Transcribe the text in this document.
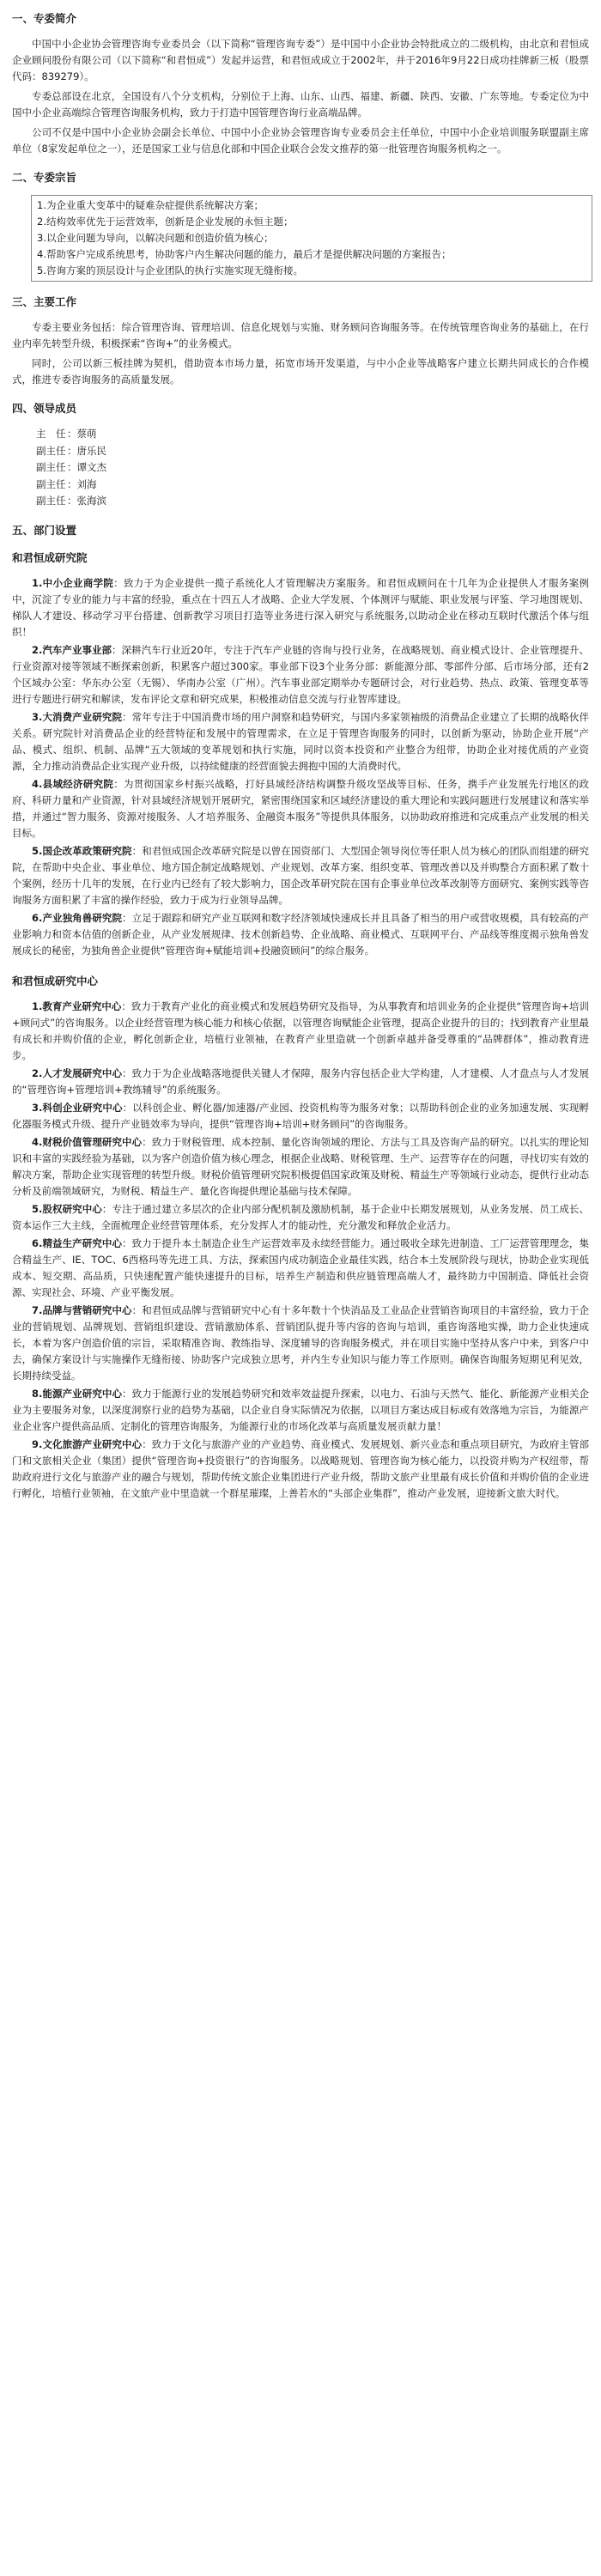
一、专委简介

中国中小企业协会管理咨询专业委员会（以下简称“管理咨询专委”）是中国中小企业协会特批成立的二级机构，由北京和君恒成企业顾问股份有限公司（以下简称“和君恒成”）发起并运营，和君恒成成立于2002年，并于2016年9月22日成功挂牌新三板（股票代码：839279）。

专委总部设在北京，全国设有八个分支机构，分别位于上海、山东、山西、福建、新疆、陕西、安徽、广东等地。专委定位为中国中小企业高端综合管理咨询服务机构，致力于打造中国管理咨询行业高端品牌。

公司不仅是中国中小企业协会副会长单位、中国中小企业协会管理咨询专业委员会主任单位，中国中小企业培训服务联盟副主席单位（8家发起单位之一），还是国家工业与信息化部和中国企业联合会发文推荐的第一批管理咨询服务机构之一。

二、专委宗旨

1.为企业重大变革中的疑难杂症提供系统解决方案；

2.结构效率优先于运营效率，创新是企业发展的永恒主题；

3.以企业问题为导向，以解决问题和创造价值为核心；

4.帮助客户完成系统思考，协助客户内生解决问题的能力，最后才是提供解决问题的方案报告；

5.咨询方案的顶层设计与企业团队的执行实施实现无缝衔接。

三、主要工作

专委主要业务包括：综合管理咨询、管理培训、信息化规划与实施、财务顾问咨询服务等。在传统管理咨询业务的基础上，在行业内率先转型升级，积极探索“咨询+”的业务模式。

同时，公司以新三板挂牌为契机，借助资本市场力量，拓宽市场开发渠道，与中小企业等战略客户建立长期共同成长的合作模式，推进专委咨询服务的高质量发展。

四、领导成员
主　任 ：蔡萌
副主任 ：唐乐民
副主任 ：谭文杰
副主任 ：刘海
副主任 ：张海滨
五、部门设置
和君恒成研究院

1.中小企业商学院：致力于为企业提供一揽子系统化人才管理解决方案服务。和君恒成顾问在十几年为企业提供人才服务案例中，沉淀了专业的能力与丰富的经验，重点在十四五人才战略、企业大学发展、个体测评与赋能、职业发展与评鉴、学习地图规划、梯队人才建设、移动学习平台搭建、创新教学习项目打造等业务进行深入研究与系统服务,以助动企业在移动互联时代激活个体与组织！

2.汽车产业事业部：深耕汽车行业近20年，专注于汽车产业链的咨询与投行业务，在战略规划、商业模式设计、企业管理提升、行业资源对接等领域不断探索创新，积累客户超过300家。事业部下设3个业务分部：新能源分部、零部件分部、后市场分部，还有2个区域办公室：华东办公室（无锡）、华南办公室（广州）。汽车事业部定期举办专题研讨会，对行业趋势、热点、政策、管理变革等进行专题进行研究和解读，发布评论文章和研究成果，积极推动信息交流与行业智库建设。

3.大消费产业研究院：常年专注于中国消费市场的用户洞察和趋势研究，与国内多家领袖级的消费品企业建立了长期的战略伙伴关系。研究院针对消费品企业的经营特征和发展中的管理需求，在立足于管理咨询服务的同时，以创新为驱动，协助企业开展“产品、模式、组织、机制、品牌“五大领域的变革规划和执行实施，同时以资本投资和产业整合为纽带，协助企业对接优质的产业资源，全力推动消费品企业实现产业升级，以持续健康的经营面貌去拥抱中国的大消费时代。

4.县域经济研究院：为贯彻国家乡村振兴战略，打好县域经济结构调整升级攻坚战等目标、任务，携手产业发展先行地区的政府、科研力量和产业资源，针对县域经济规划开展研究，紧密围绕国家和区域经济建设的重大理论和实践问题进行发展建议和落实举措，并通过“智力服务、资源对接服务、人才培养服务、金融资本服务”等提供具体服务，以协助政府推进和完成重点产业发展的相关目标。

5.国企改革政策研究院：和君恒成国企改革研究院是以曾在国资部门、大型国企领导岗位等任职人员为核心的团队而组建的研究院，在帮助中央企业、事业单位、地方国企制定战略规划、产业规划、改革方案、组织变革、管理改善以及并购整合方面积累了数十个案例，经历十几年的发展，在行业内已经有了较大影响力，国企改革研究院在国有企事业单位改革改制等方面研究、案例实践等咨询服务方面积累了丰富的操作经验，致力于成为行业领导品牌。

6.产业独角兽研究院：立足于跟踪和研究产业互联网和数字经济领域快速成长并且具备了相当的用户或营收规模，具有较高的产业影响力和资本估值的创新企业，从产业发展规律、技术创新趋势、企业战略、商业模式、互联网平台、产品线等维度揭示独角兽发展成长的秘密，为独角兽企业提供“管理咨询+赋能培训+投融资顾问”的综合服务。

和君恒成研究中心

1.教育产业研究中心：致力于教育产业化的商业模式和发展趋势研究及指导，为从事教育和培训业务的企业提供“管理咨询+培训+顾问式”的咨询服务。以企业经营管理为核心能力和核心依据，以管理咨询赋能企业管理，提高企业提升的目的；找到教育产业里最有成长和并购价值的企业，孵化创新企业，培植行业领袖，在教育产业里造就一个创新卓越并备受尊重的“品牌群体”，推动教育进步。

2.人才发展研究中心：致力于为企业战略落地提供关键人才保障，服务内容包括企业大学构建，人才建模、人才盘点与人才发展的“管理咨询+管理培训+教练辅导”的系统服务。

3.科创企业研究中心：以科创企业、孵化器/加速器/产业园、投资机构等为服务对象；以帮助科创企业的业务加速发展、实现孵化器服务模式升级、提升产业链效率为导向，提供“管理咨询+培训+财务顾问”的咨询服务。

4.财税价值管理研究中心：致力于财税管理、成本控制、量化咨询领域的理论、方法与工具及咨询产品的研究。以扎实的理论知识和丰富的实践经验为基础，以为客户创造价值为核心理念，根据企业战略、财税管理、生产、运营等存在的问题，寻找切实有效的解决方案，帮助企业实现管理的转型升级。财税价值管理研究院积极提倡国家政策及财税、精益生产等领域行业动态，提供行业动态分析及前端领域研究，为财税、精益生产、量化咨询提供理论基础与技术保障。

5.股权研究中心：专注于通过建立多层次的企业内部分配机制及激励机制，基于企业中长期发展规划，从业务发展、员工成长、资本运作三大主线，全面梳理企业经营管理体系，充分发挥人才的能动性，充分激发和释放企业活力。

6.精益生产研究中心：致力于提升本土制造企业生产运营效率及永续经营能力。通过吸收全球先进制造、工厂运营管理理念，集合精益生产、IE、TOC、6西格玛等先进工具、方法，探索国内成功制造企业最佳实践，结合本土发展阶段与现状，协助企业实现低成本、短交期、高品质，只快速配置产能快速提升的目标，培养生产制造和供应链管理高端人才，最终助力中国制造、降低社会资源、实现社会、环境、产业平衡发展。

7.品牌与营销研究中心：和君恒成品牌与营销研究中心有十多年数十个快消品及工业品企业营销咨询项目的丰富经验，致力于企业的营销规划、品牌规划、营销组织建设、营销激励体系、营销团队提升等内容的咨询与培训，重咨询落地实操，助力企业快速成长，本着为客户创造价值的宗旨，采取精准咨询、教练指导、深度辅导的咨询服务模式，并在项目实施中坚持从客户中来，到客户中去，确保方案设计与实施操作无缝衔接、协助客户完成独立思考，并内生专业知识与能力等工作原则。确保咨询服务短期见利见效，长期持续受益。

8.能源产业研究中心：致力于能源行业的发展趋势研究和效率效益提升探索，以电力、石油与天然气、能化、新能源产业相关企业为主要服务对象，以深度洞察行业的趋势为基础，以企业自身实际情况为依据，以项目方案达成目标或有效落地为宗旨，为能源产业企业客户提供高品质、定制化的管理咨询服务，为能源行业的市场化改革与高质量发展贡献力量！

9.文化旅游产业研究中心：致力于文化与旅游产业的产业趋势、商业模式、发展规划、新兴业态和重点项目研究，为政府主管部门和文旅相关企业（集团）提供“管理咨询+投资银行”的咨询服务。以战略规划、管理咨询为核心能力，以投资并购为产权纽带，帮助政府进行文化与旅游产业的融合与规划，帮助传统文旅企业集团进行产业升级，帮助文旅产业里最有成长价值和并购价值的企业进行孵化，培植行业领袖，在文旅产业中里造就一个群星璀璨，上善若水的“头部企业集群”，推动产业发展，迎接新文旅大时代。
